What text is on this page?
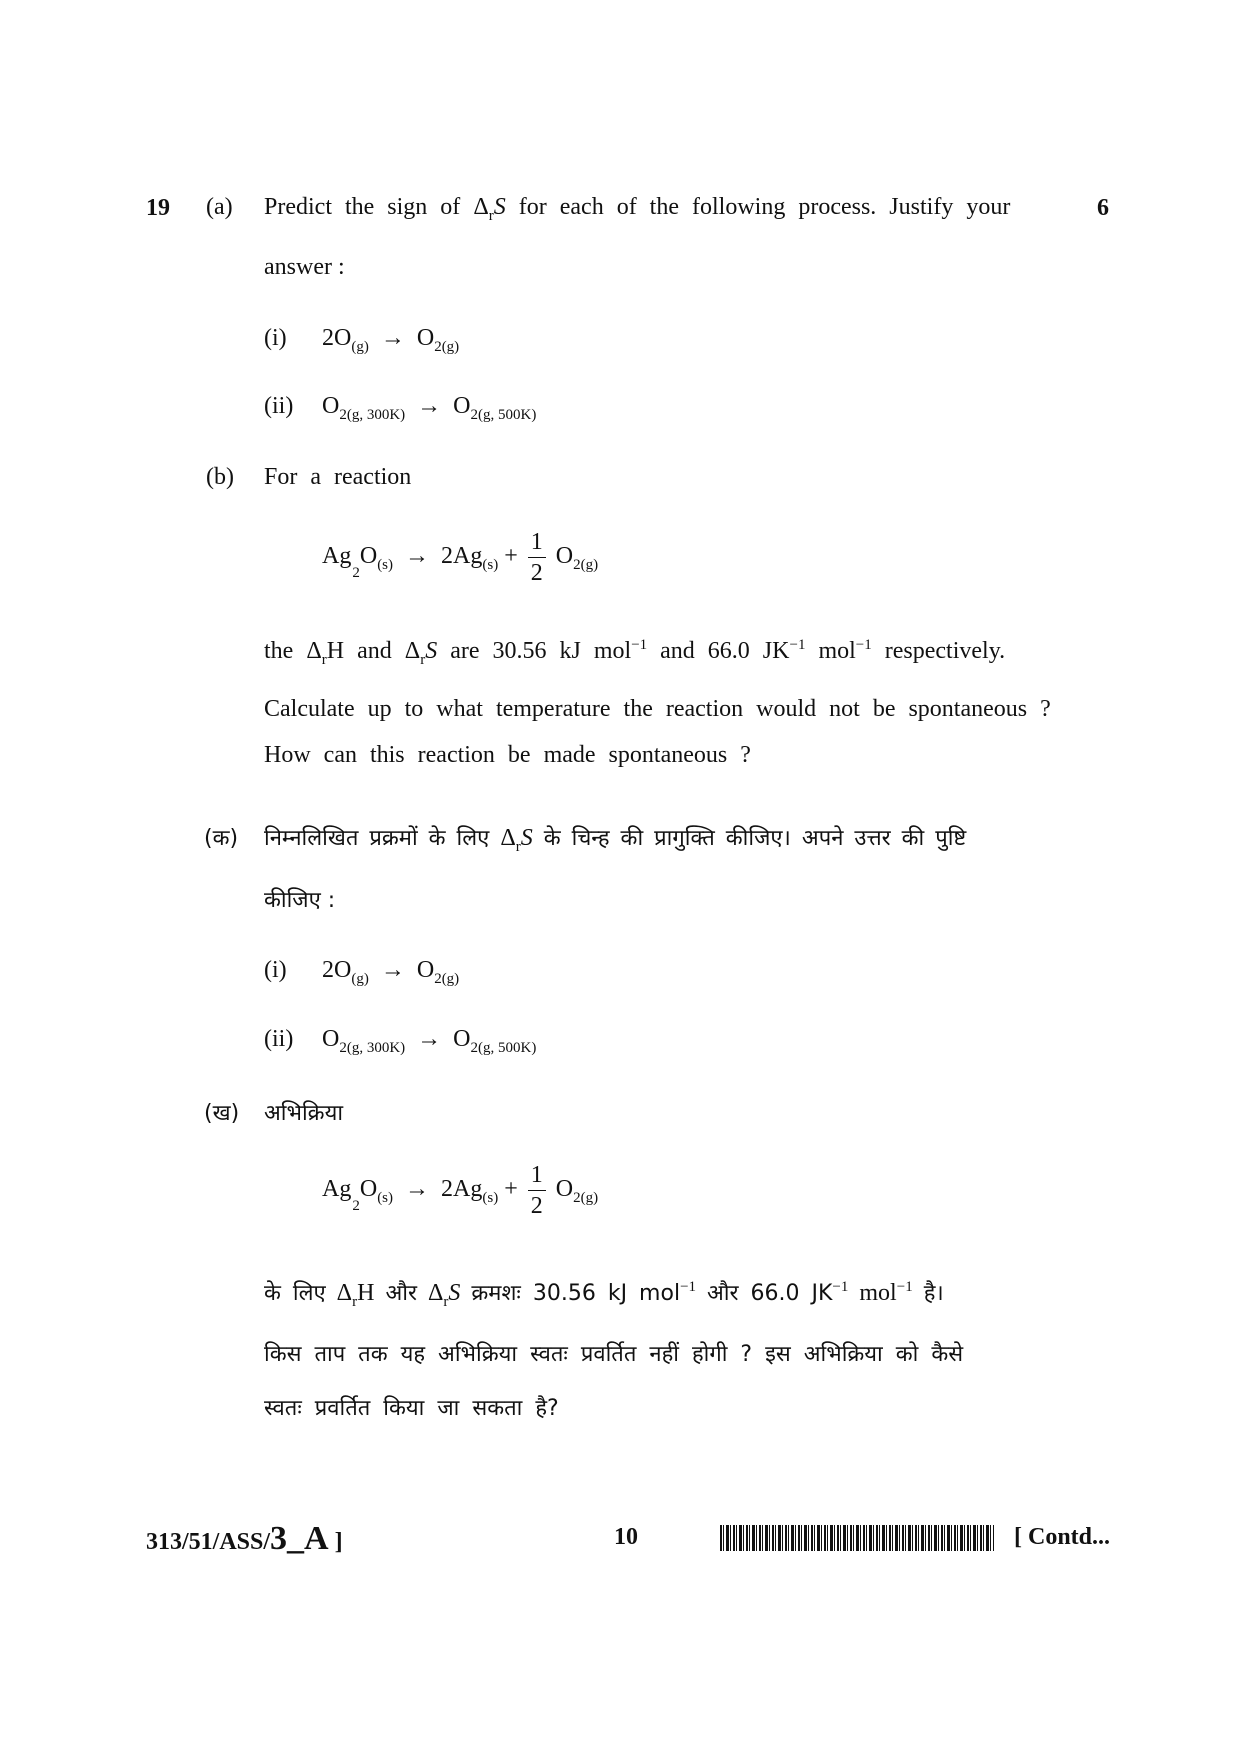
19	6
(a) Predict the sign of $\Delta_rS$ for each of the following process. Justify your
answer :
(i) $2O_{(g)} \to O_{2(g)}$
(ii) $O_{2(g, 300K)} \to O_{2(g, 500K)}$
(b) For a reaction
$Ag_2O_{(s)} \to 2Ag_{(s)} + \frac{1}{2} O_{2(g)}$
the $\Delta_rH$ and $\Delta_rS$ are 30.56 kJ mol$^{-1}$ and 66.0 $JK^{-1}$ mol$^{-1}$ respectively.
Calculate up to what temperature the reaction would not be spontaneous ?
How can this reaction be made spontaneous ?
(क) निम्नलिखित प्रक्रमों के लिए $\Delta_rS$ के चिन्ह की प्रागुक्ति कीजिए। अपने उत्तर की पुष्टि
कीजिए :
(i) $2O_{(g)} \to O_{2(g)}$
(ii) $O_{2(g, 300K)} \to O_{2(g, 500K)}$
(ख) अभिक्रिया
$Ag_2O_{(s)} \to 2Ag_{(s)} + \frac{1}{2} O_{2(g)}$
के लिए $\Delta_rH$ और $\Delta_rS$ क्रमशः 30.56 kJ mol$^{-1}$ और 66.0 $JK^{-1}$ mol$^{-1}$ है।
किस ताप तक यह अभिक्रिया स्वतः प्रवर्तित नहीं होगी ? इस अभिक्रिया को कैसे
स्वतः प्रवर्तित किया जा सकता है?
313/51/ASS/3_A ]	10	[ Contd...
